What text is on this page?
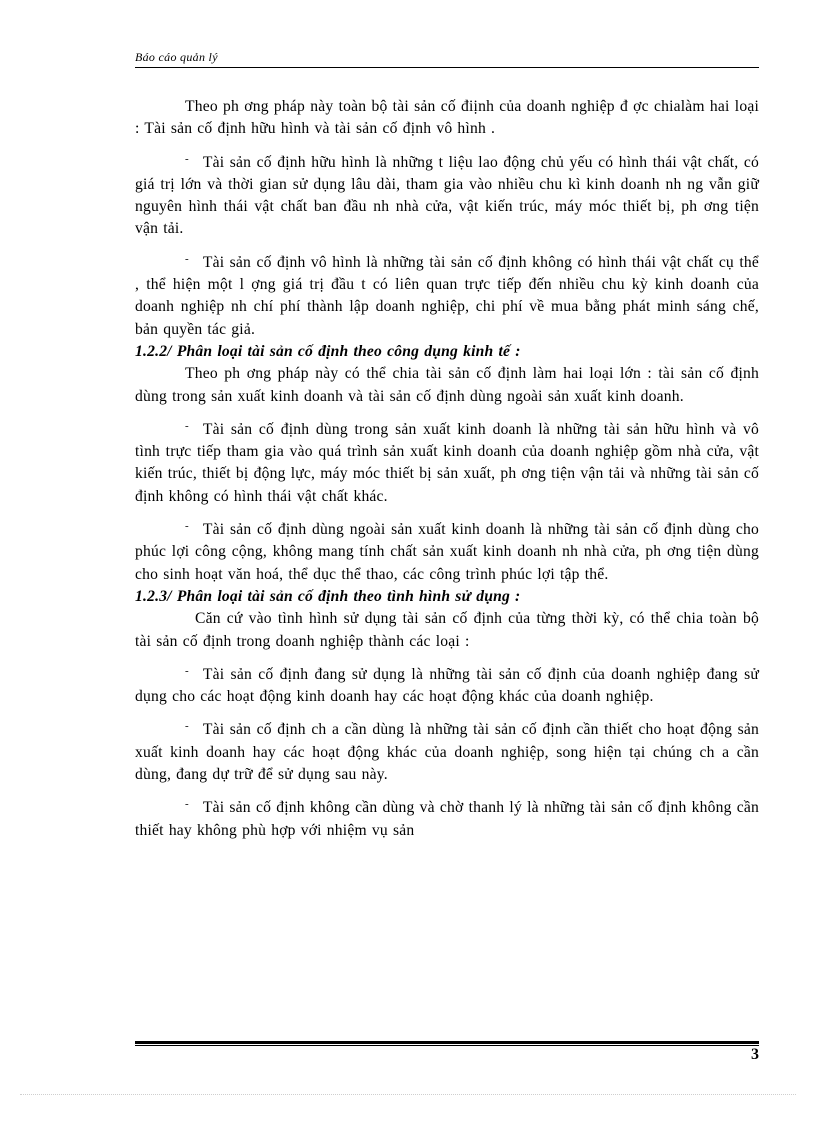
Báo cáo quản lý

Theo ph ơng pháp này toàn bộ tài sản cố điịnh của doanh nghiệp đ ợc chialàm hai loại : Tài sản cố định hữu hình và tài sản cố định vô hình .

- Tài sản cố định hữu hình là những t liệu lao động chủ yếu có hình thái vật chất, có giá trị lớn và thời gian sử dụng lâu dài, tham gia vào nhiều chu kì kinh doanh nh ng vẫn giữ nguyên hình thái vật chất ban đầu nh nhà cửa, vật kiến trúc, máy móc thiết bị, ph ơng tiện vận tải.

- Tài sản cố định vô hình là những tài sản cố định không có hình thái vật chất cụ thể , thể hiện một l ợng giá trị đầu t có liên quan trực tiếp đến nhiều chu kỳ kinh doanh của doanh nghiệp nh chí phí thành lập doanh nghiệp, chi phí về mua bằng phát minh sáng chế, bản quyền tác giả.

1.2.2/ Phân loại tài sản cố định theo công dụng kinh tế :

Theo ph ơng pháp này có thể chia tài sản cố định làm hai loại lớn : tài sản cố định dùng trong sản xuất kinh doanh và tài sản cố định dùng ngoài sản xuất kinh doanh.

- Tài sản cố định dùng trong sản xuất kinh doanh là những tài sản hữu hình và vô tình trực tiếp tham gia vào quá trình sản xuất kinh doanh của doanh nghiệp gồm nhà cửa, vật kiến trúc, thiết bị động lực, máy móc thiết bị sản xuất, ph ơng tiện vận tải và những tài sản cố định không có hình thái vật chất khác.

- Tài sản cố định dùng ngoài sản xuất kinh doanh là những tài sản cố định dùng cho phúc lợi công cộng, không mang tính chất sản xuất kinh doanh nh nhà cửa, ph ơng tiện dùng cho sinh hoạt văn hoá, thể dục thể thao, các công trình phúc lợi tập thể.

1.2.3/ Phân loại tài sản cố định theo tình hình sử dụng :

Căn cứ vào tình hình sử dụng tài sản cố định của từng thời kỳ, có thể chia toàn bộ tài sản cố định trong doanh nghiệp thành các loại :

- Tài sản cố định đang sử dụng là những tài sản cố định của doanh nghiệp đang sử dụng cho các hoạt động kinh doanh hay các hoạt động khác của doanh nghiệp.

- Tài sản cố định ch a cần dùng là những tài sản cố định cần thiết cho hoạt động sản xuất kinh doanh hay các hoạt động khác của doanh nghiệp, song hiện tại chúng ch a cần dùng, đang dự trữ để sử dụng sau này.

- Tài sản cố định không cần dùng và chờ thanh lý là những tài sản cố định không cần thiết hay không phù hợp với nhiệm vụ sản

3
